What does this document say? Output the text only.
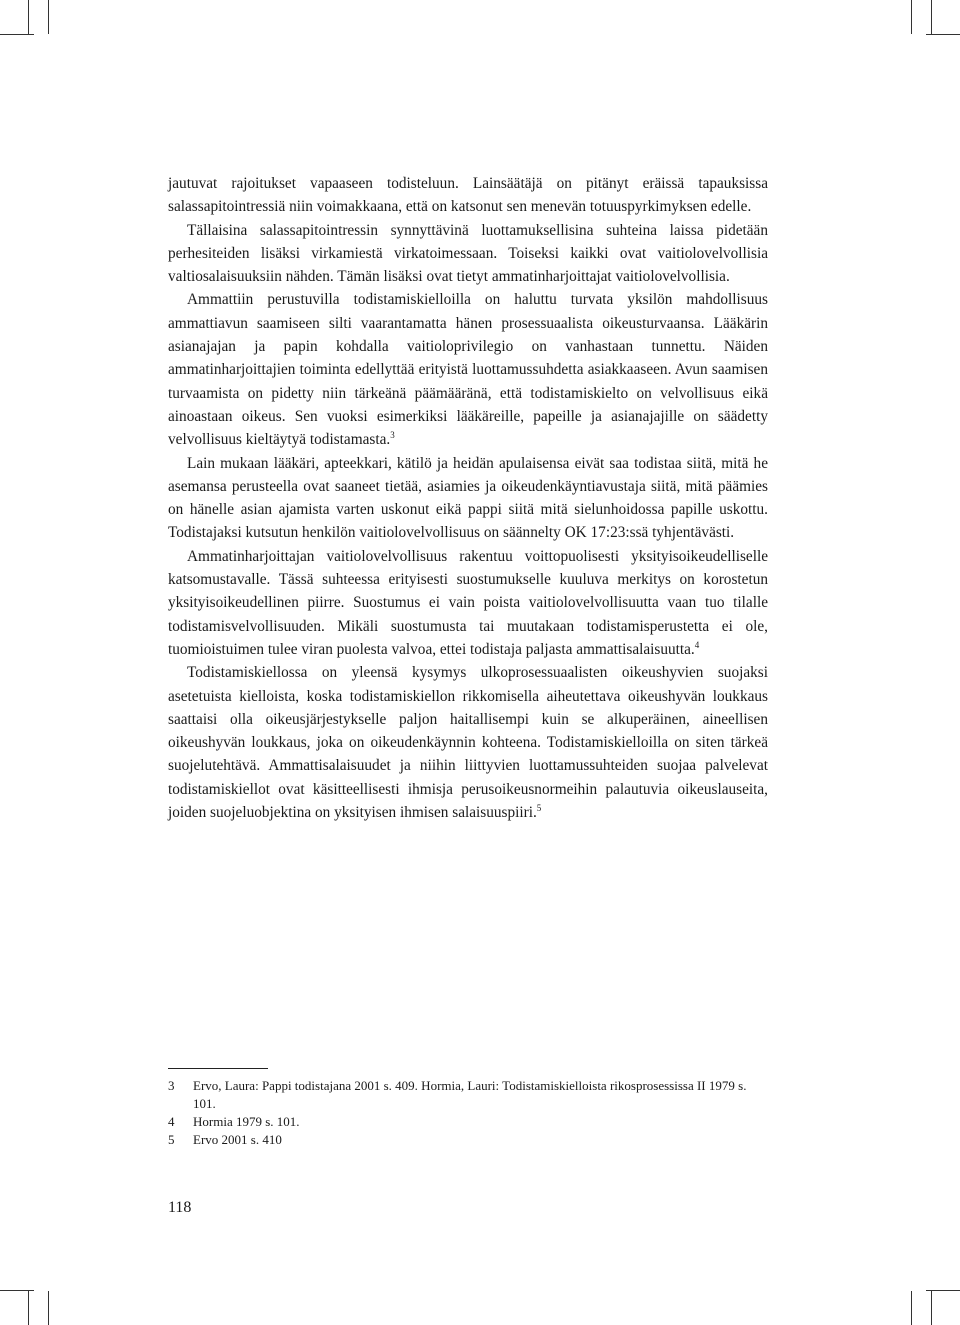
jautuvat rajoitukset vapaaseen todisteluun. Lainsäätäjä on pitänyt eräissä tapauksissa salassapitointressiä niin voimakkaana, että on katsonut sen menevän totuuspyrkimyksen edelle.

Tällaisina salassapitointressin synnyttävinä luottamuksellisina suhteina laissa pidetään perhesiteiden lisäksi virkamiestä virkatoimessaan. Toiseksi kaikki ovat vaitiolovelvollisia valtiosalaisuuksiin nähden. Tämän lisäksi ovat tietyt ammatinharjoittajat vaitiolovelvollisia.

Ammattiin perustuvilla todistamiskielloilla on haluttu turvata yksilön mahdollisuus ammattiavun saamiseen silti vaarantamatta hänen prosessuaalista oikeusturvaansa. Lääkärin asianajajan ja papin kohdalla vaitioloprivilegio on vanhastaan tunnettu. Näiden ammatinharjoittajien toiminta edellyttää erityistä luottamussuhdetta asiakkaaseen. Avun saamisen turvaamista on pidetty niin tärkeänä päämääränä, että todistamiskielto on velvollisuus eikä ainoastaan oikeus. Sen vuoksi esimerkiksi lääkäreille, papeille ja asianajajille on säädetty velvollisuus kieltäytyä todistamasta.$^3$

Lain mukaan lääkäri, apteekkari, kätilö ja heidän apulaisensa eivät saa todistaa siitä, mitä he asemansa perusteella ovat saaneet tietää, asiamies ja oikeudenkäyntiavustaja siitä, mitä päämies on hänelle asian ajamista varten uskonut eikä pappi siitä mitä sielunhoidossa papille uskottu. Todistajaksi kutsutun henkilön vaitiolovelvollisuus on säännelty OK 17:23:ssä tyhjentävästi.

Ammatinharjoittajan vaitiolovelvollisuus rakentuu voittopuolisesti yksityisoikeudelliselle katsomustavalle. Tässä suhteessa erityisesti suostumukselle kuuluva merkitys on korostetun yksityisoikeudellinen piirre. Suostumus ei vain poista vaitiolovelvollisuutta vaan tuo tilalle todistamisvelvollisuuden. Mikäli suostumusta tai muutakaan todistamisperustetta ei ole, tuomioistuimen tulee viran puolesta valvoa, ettei todistaja paljasta ammattisalaisuutta.$^4$

Todistamiskiellossa on yleensä kysymys ulkoprosessuaalisten oikeushyvien suojaksi asetetuista kielloista, koska todistamiskiellon rikkomisella aiheutettava oikeushyvän loukkaus saattaisi olla oikeusjärjestykselle paljon haitallisempi kuin se alkuperäinen, aineellisen oikeushyvän loukkaus, joka on oikeudenkäynnin kohteena. Todistamiskielloilla on siten tärkeä suojelutehtävä. Ammattisalaisuudet ja niihin liittyvien luottamussuhteiden suojaa palvelevat todistamiskiellot ovat käsitteellisesti ihmisja perusoikeusnormeihin palautuvia oikeuslauseita, joiden suojeluobjektina on yksityisen ihmisen salaisuuspiiri.$^5$

3	Ervo, Laura: Pappi todistajana 2001 s. 409. Hormia, Lauri: Todistamiskielloista rikosprosessissa II 1979 s. 101.
4	Hormia 1979 s. 101.
5	Ervo 2001 s. 410
118
